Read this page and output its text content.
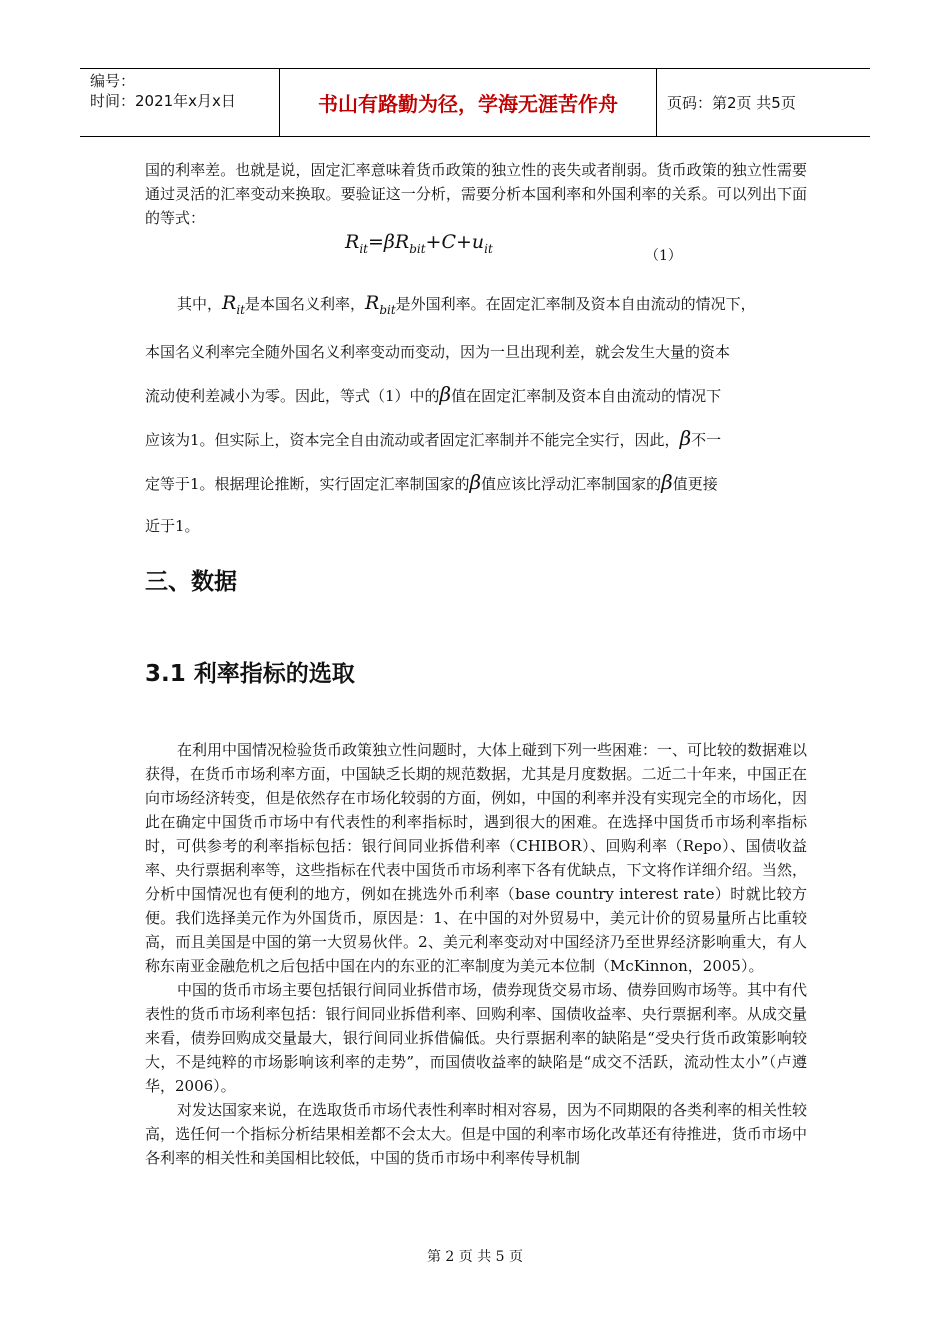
编号：
时间：2021年x月x日	书山有路勤为径，学海无涯苦作舟	页码：第2页 共5页

国的利率差。也就是说，固定汇率意味着货币政策的独立性的丧失或者削弱。货币政策的独立性需要通过灵活的汇率变动来换取。要验证这一分析，需要分析本国利率和外国利率的关系。可以列出下面的等式：

$R_{it}=\beta R_{bit}+C+u_{it}$	（1）
其中，$R_{it}$是本国名义利率，$R_{bit}$是外国利率。在固定汇率制及资本自由流动的情况下，
本国名义利率完全随外国名义利率变动而变动，因为一旦出现利差，就会发生大量的资本
流动使利差减小为零。因此，等式（1）中的β值在固定汇率制及资本自由流动的情况下
应该为1。但实际上，资本完全自由流动或者固定汇率制并不能完全实行，因此，β不一
定等于1。根据理论推断，实行固定汇率制国家的β值应该比浮动汇率制国家的β值更接
近于1。
三、数据
3.1 利率指标的选取

在利用中国情况检验货币政策独立性问题时，大体上碰到下列一些困难：一、可比较的数据难以获得，在货币市场利率方面，中国缺乏长期的规范数据，尤其是月度数据。二近二十年来，中国正在向市场经济转变，但是依然存在市场化较弱的方面，例如，中国的利率并没有实现完全的市场化，因此在确定中国货币市场中有代表性的利率指标时，遇到很大的困难。在选择中国货币市场利率指标时，可供参考的利率指标包括：银行间同业拆借利率（CHIBOR）、回购利率（Repo）、国债收益率、央行票据利率等，这些指标在代表中国货币市场利率下各有优缺点，下文将作详细介绍。当然，分析中国情况也有便利的地方，例如在挑选外币利率（base country interest rate）时就比较方便。我们选择美元作为外国货币，原因是：1、在中国的对外贸易中，美元计价的贸易量所占比重较高，而且美国是中国的第一大贸易伙伴。2、美元利率变动对中国经济乃至世界经济影响重大，有人称东南亚金融危机之后包括中国在内的东亚的汇率制度为美元本位制（McKinnon，2005）。

中国的货币市场主要包括银行间同业拆借市场，债券现货交易市场、债券回购市场等。其中有代表性的货币市场利率包括：银行间同业拆借利率、回购利率、国债收益率、央行票据利率。从成交量来看，债券回购成交量最大，银行间同业拆借偏低。央行票据利率的缺陷是“受央行货币政策影响较大，不是纯粹的市场影响该利率的走势”，而国债收益率的缺陷是“成交不活跃，流动性太小”（卢遵华，2006）。

对发达国家来说，在选取货币市场代表性利率时相对容易，因为不同期限的各类利率的相关性较高，选任何一个指标分析结果相差都不会太大。但是中国的利率市场化改革还有待推进，货币市场中各利率的相关性和美国相比较低，中国的货币市场中利率传导机制

第 2 页 共 5 页
